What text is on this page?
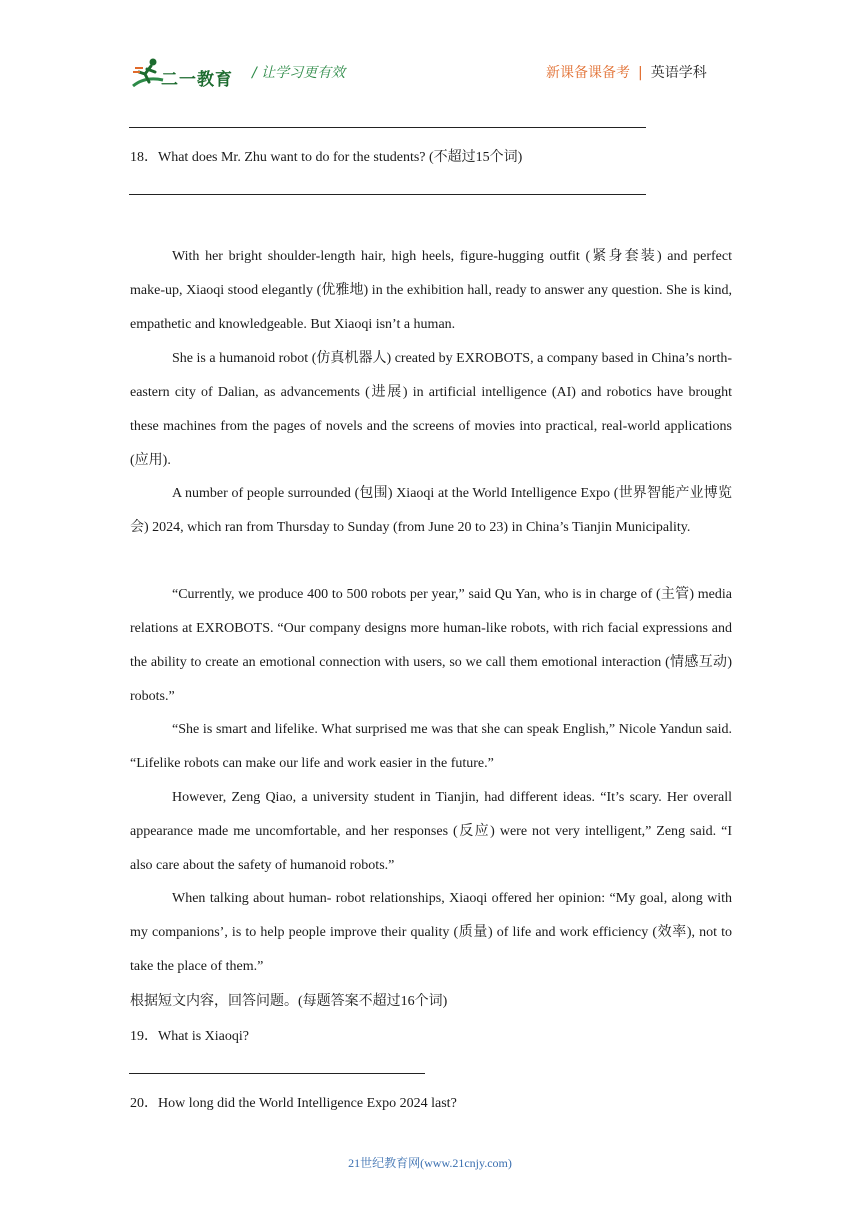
二一教育 / 让学习更有效	新课备课备考 | 英语学科
18．What does Mr. Zhu want to do for the students? (不超过15个词)

With her bright shoulder-length hair, high heels, figure-hugging outfit (紧身套装) and perfect make-up, Xiaoqi stood elegantly (优雅地) in the exhibition hall, ready to answer any question. She is kind, empathetic and knowledgeable. But Xiaoqi isn’t a human.

She is a humanoid robot (仿真机器人) created by EXROBOTS, a company based in China’s north-eastern city of Dalian, as advancements (进展) in artificial intelligence (AI) and robotics have brought these machines from the pages of novels and the screens of movies into practical, real-world applications (应用).

A number of people surrounded (包围) Xiaoqi at the World Intelligence Expo (世界智能产业博览会) 2024, which ran from Thursday to Sunday (from June 20 to 23) in China’s Tianjin Municipality.

“Currently, we produce 400 to 500 robots per year,” said Qu Yan, who is in charge of (主管) media relations at EXROBOTS. “Our company designs more human-like robots, with rich facial expressions and the ability to create an emotional connection with users, so we call them emotional interaction (情感互动) robots.”

“She is smart and lifelike. What surprised me was that she can speak English,” Nicole Yandun said. “Lifelike robots can make our life and work easier in the future.”

However, Zeng Qiao, a university student in Tianjin, had different ideas. “It’s scary. Her overall appearance made me uncomfortable, and her responses (反应) were not very intelligent,” Zeng said. “I also care about the safety of humanoid robots.”

When talking about human- robot relationships, Xiaoqi offered her opinion: “My goal, along with my companions’, is to help people improve their quality (质量) of life and work efficiency (效率), not to take the place of them.”

根据短文内容，回答问题。(每题答案不超过16个词)
19．What is Xiaoqi?
20．How long did the World Intelligence Expo 2024 last?
21世纪教育网(www.21cnjy.com)
